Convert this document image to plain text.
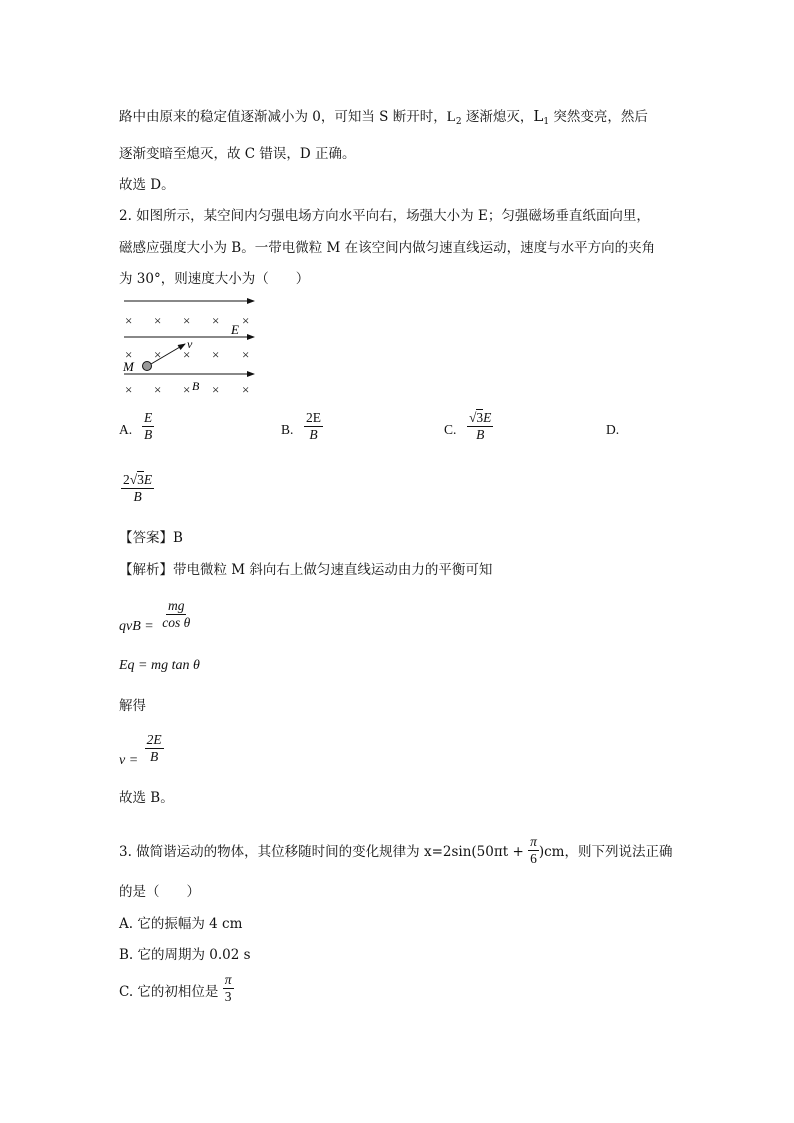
路中由原来的稳定值逐渐减小为 0，可知当 S 断开时，$L_2$ 逐渐熄灭，$L_1$ 突然变亮，然后
逐渐变暗至熄灭，故 C 错误，D 正确。
故选 D。
2. 如图所示，某空间内匀强电场方向水平向右，场强大小为 E；匀强磁场垂直纸面向里，
磁感应强度大小为 B。一带电微粒 M 在该空间内做匀速直线运动，速度与水平方向的夹角
为 30°，则速度大小为（　　）
× × × × ×
× × × × ×
× × × × ×
E
v
M
B
A. $\frac{E}{B}$	B. $\frac{2E}{B}$	C. $\frac{√3E}{B}$	D.
$\frac{2√3E}{B}$
【答案】B
【解析】带电微粒 M 斜向右上做匀速直线运动由力的平衡可知
qvB = $\frac{mg}{\text{cos θ}}$
Eq = mg tan θ
解得
$v = \frac{2E}{B}$
故选 B。
3. 做简谐运动的物体，其位移随时间的变化规律为 $x=2\sin(50\pi t + \frac{\pi}{6} )cm$，则下列说法正确
的是（　　）
A. 它的振幅为 4 cm
B. 它的周期为 0.02 s
C. 它的初相位是 $\frac{\pi}{3}$
